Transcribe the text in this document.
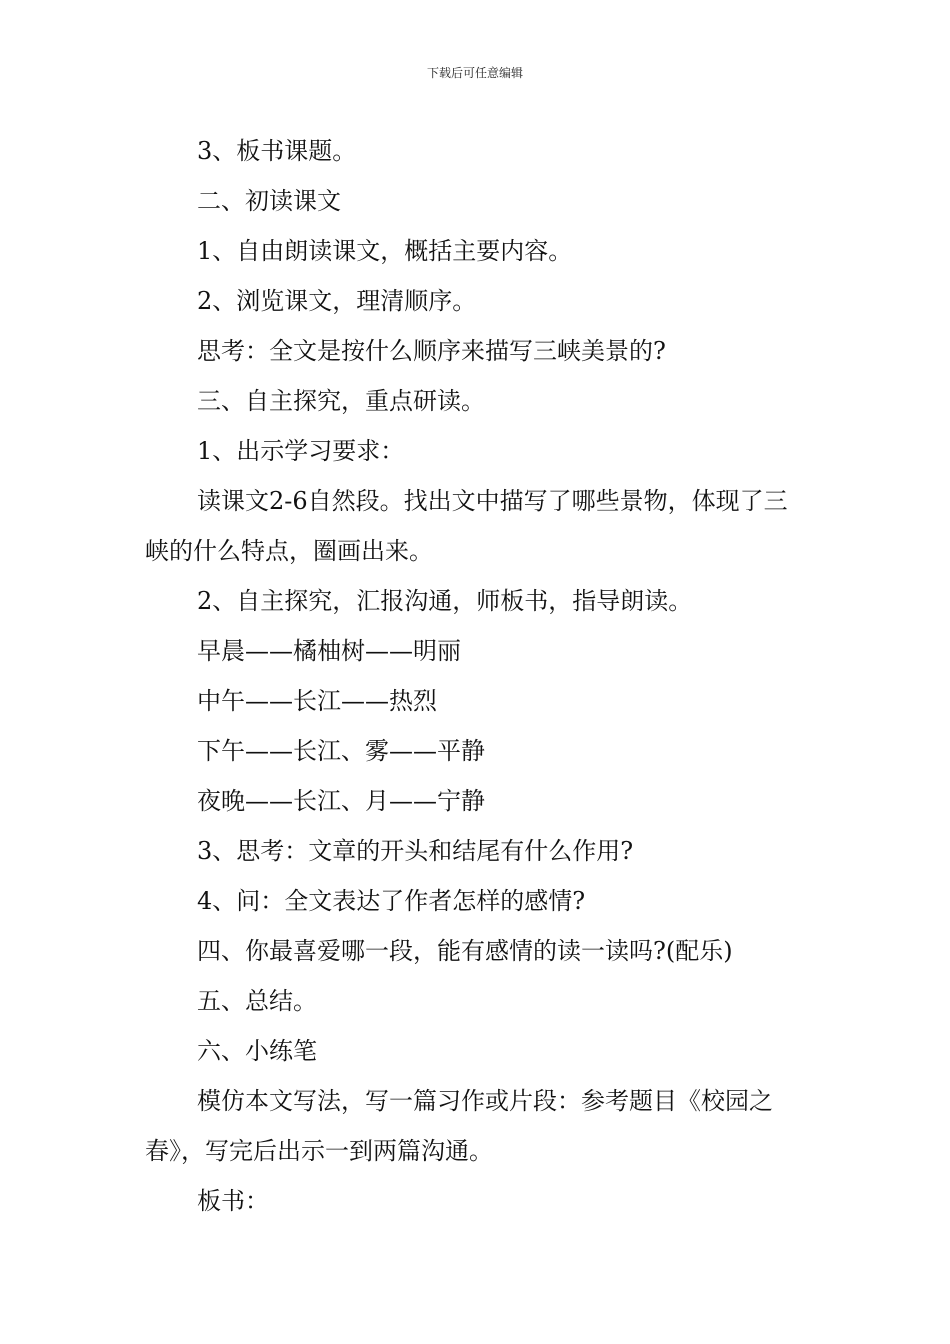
下载后可任意编辑

3、板书课题。

二、初读课文

1、自由朗读课文，概括主要内容。

2、浏览课文，理清顺序。

思考：全文是按什么顺序来描写三峡美景的?

三、自主探究，重点研读。

1、出示学习要求：

读课文2-6自然段。找出文中描写了哪些景物，体现了三峡的什么特点，圈画出来。

2、自主探究，汇报沟通，师板书，指导朗读。

早晨——橘柚树——明丽

中午——长江——热烈

下午——长江、雾——平静

夜晚——长江、月——宁静

3、思考：文章的开头和结尾有什么作用?

4、问：全文表达了作者怎样的感情?

四、你最喜爱哪一段，能有感情的读一读吗?(配乐)

五、总结。

六、小练笔

模仿本文写法，写一篇习作或片段：参考题目《校园之春》，写完后出示一到两篇沟通。

板书：
